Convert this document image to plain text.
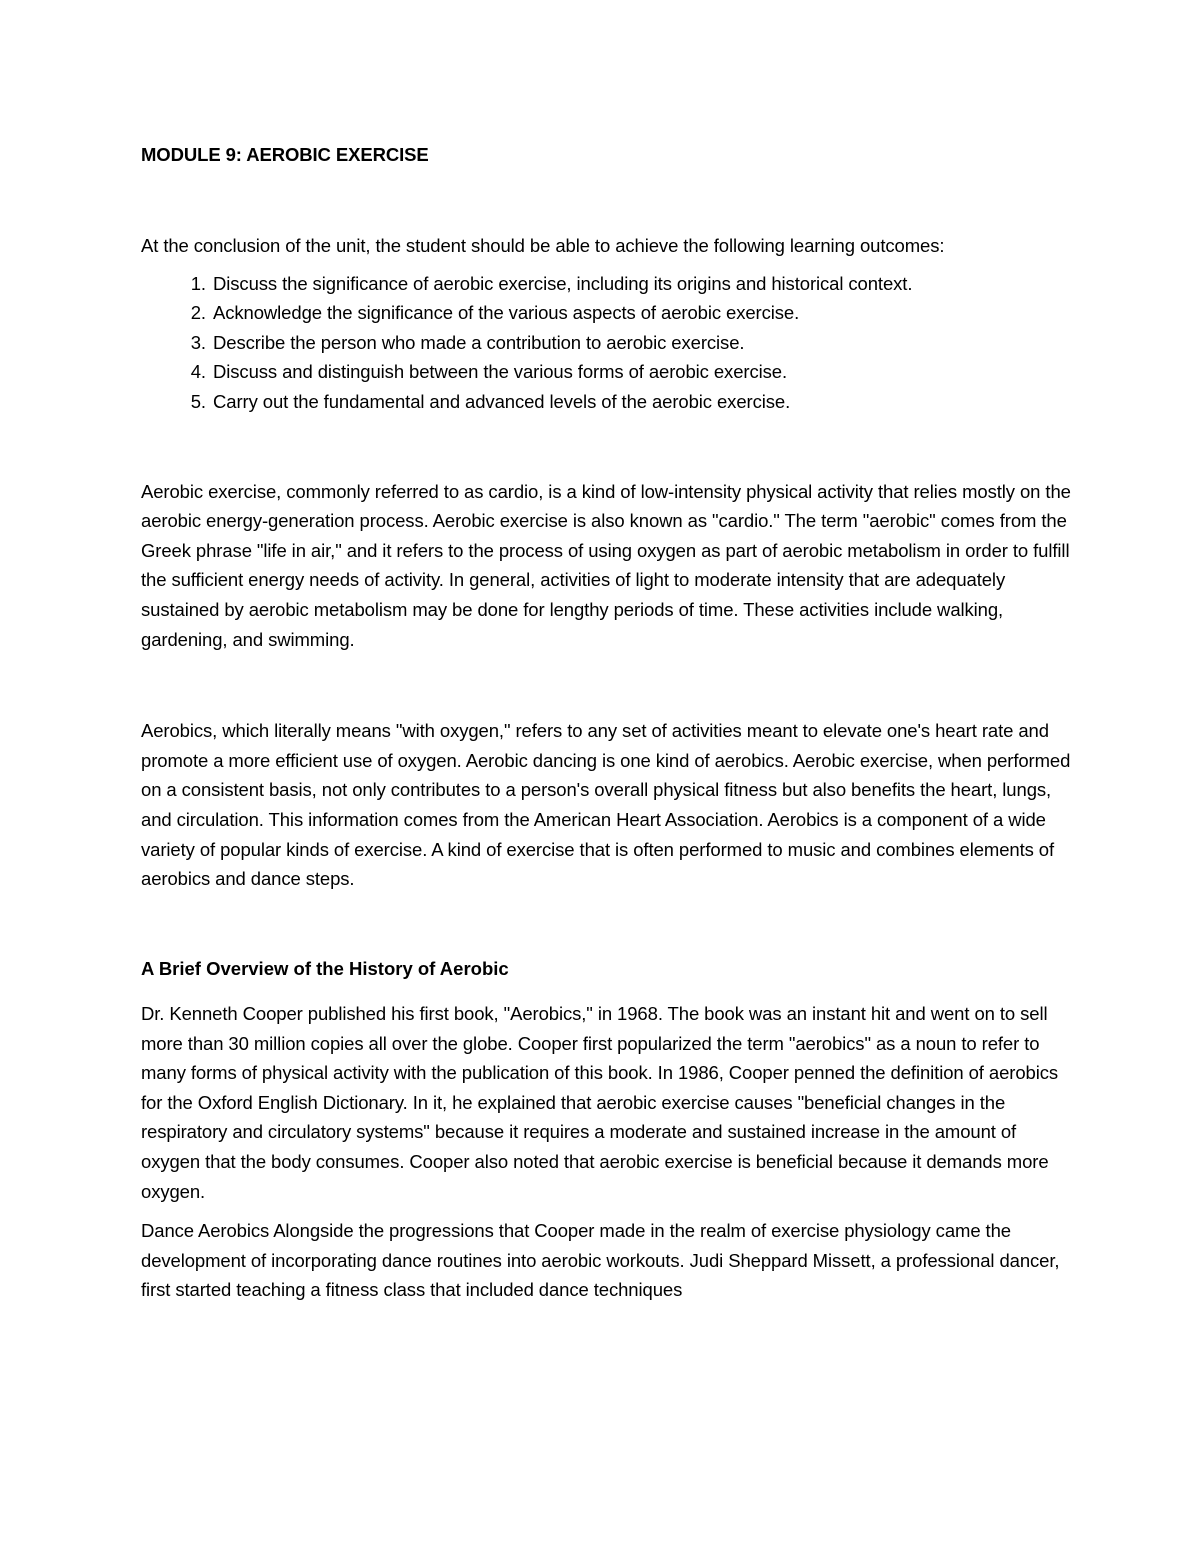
MODULE 9: AEROBIC EXERCISE

At the conclusion of the unit, the student should be able to achieve the following learning outcomes:

1. Discuss the significance of aerobic exercise, including its origins and historical context.
2. Acknowledge the significance of the various aspects of aerobic exercise.
3. Describe the person who made a contribution to aerobic exercise.
4. Discuss and distinguish between the various forms of aerobic exercise.
5. Carry out the fundamental and advanced levels of the aerobic exercise.

Aerobic exercise, commonly referred to as cardio, is a kind of low-intensity physical activity that relies mostly on the aerobic energy-generation process. Aerobic exercise is also known as "cardio." The term "aerobic" comes from the Greek phrase "life in air," and it refers to the process of using oxygen as part of aerobic metabolism in order to fulfill the sufficient energy needs of activity. In general, activities of light to moderate intensity that are adequately sustained by aerobic metabolism may be done for lengthy periods of time. These activities include walking, gardening, and swimming.

Aerobics, which literally means "with oxygen," refers to any set of activities meant to elevate one's heart rate and promote a more efficient use of oxygen. Aerobic dancing is one kind of aerobics. Aerobic exercise, when performed on a consistent basis, not only contributes to a person's overall physical fitness but also benefits the heart, lungs, and circulation. This information comes from the American Heart Association. Aerobics is a component of a wide variety of popular kinds of exercise. A kind of exercise that is often performed to music and combines elements of aerobics and dance steps.

A Brief Overview of the History of Aerobic

Dr. Kenneth Cooper published his first book, "Aerobics," in 1968. The book was an instant hit and went on to sell more than 30 million copies all over the globe. Cooper first popularized the term "aerobics" as a noun to refer to many forms of physical activity with the publication of this book. In 1986, Cooper penned the definition of aerobics for the Oxford English Dictionary. In it, he explained that aerobic exercise causes "beneficial changes in the respiratory and circulatory systems" because it requires a moderate and sustained increase in the amount of oxygen that the body consumes. Cooper also noted that aerobic exercise is beneficial because it demands more oxygen.

Dance Aerobics Alongside the progressions that Cooper made in the realm of exercise physiology came the development of incorporating dance routines into aerobic workouts. Judi Sheppard Missett, a professional dancer, first started teaching a fitness class that included dance techniques
